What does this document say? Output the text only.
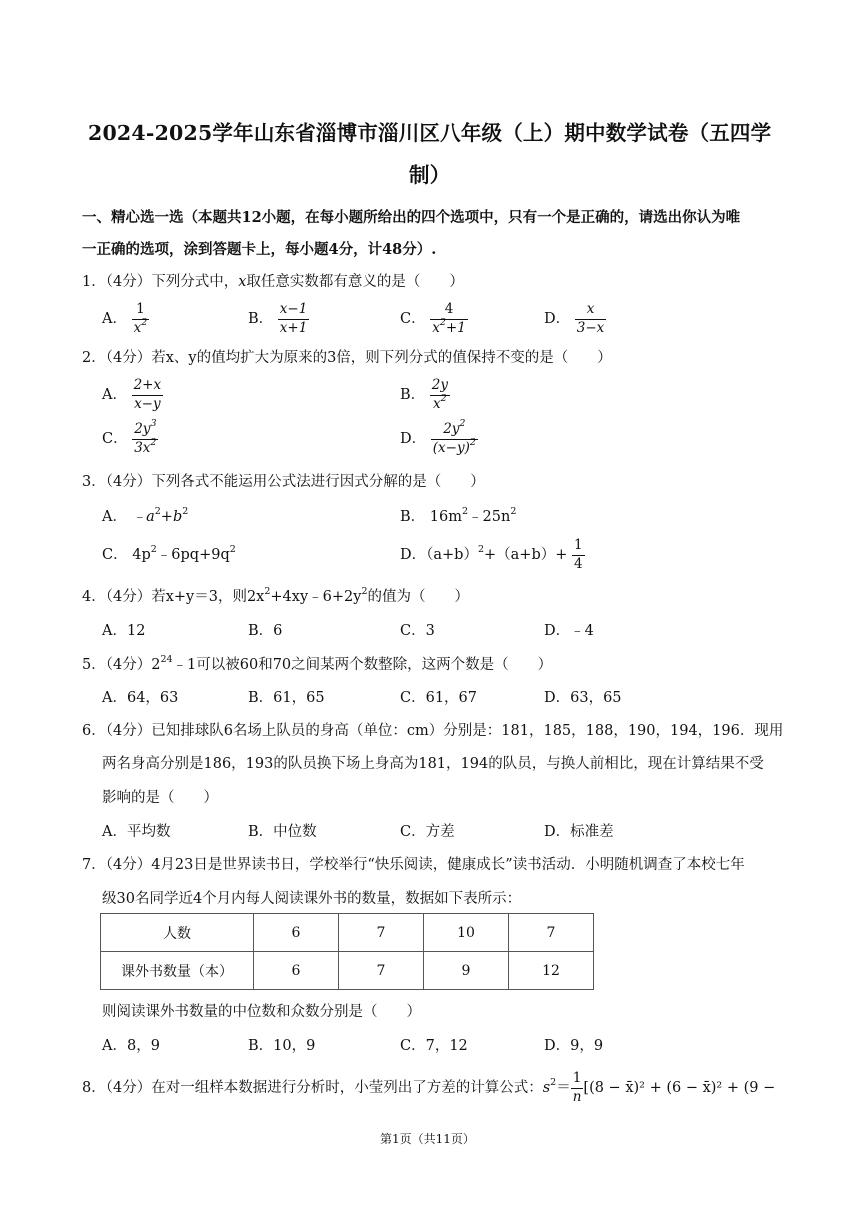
2024-2025学年山东省淄博市淄川区八年级（上）期中数学试卷（五四学
制）
一、精心选一选（本题共12小题，在每小题所给出的四个选项中，只有一个是正确的，请选出你认为唯
一正确的选项，涂到答题卡上，每小题4分，计48分）.
1．（4分）下列分式中，x取任意实数都有意义的是（　　）
A． $\frac{1}{x^2}$	B． $\frac{x-1}{x+1}$	C． $\frac{4}{x^2+1}$	D． $\frac{x}{3-x}$
2．（4分）若x、y的值均扩大为原来的3倍，则下列分式的值保持不变的是（　　）
A． $\frac{2+x}{x-y}$	B． $\frac{2y}{x^2}$
C． $\frac{2y^3}{3x^2}$	D． $\frac{2y^2}{(x-y)^2}$
3．（4分）下列各式不能运用公式法进行因式分解的是（　　）
A． $﹣a^2+b^2$	B． $16m^2﹣25n^2$
C． $4p^2﹣6pq+9q^2$	D．$(a+b)^2+(a+b)+ \frac{1}{4}$
4．（4分）若x+y＝3，则$2x^2+4xy﹣6+2y^2$的值为（　　）
A．12	B．6	C．3	D．﹣4
5．（4分）$2^{24}﹣1$可以被60和70之间某两个数整除，这两个数是（　　）
A．64，63	B．61，65	C．61，67	D．63，65
6．（4分）已知排球队6名场上队员的身高（单位：cm）分别是：181，185，188，190，194，196．现用
两名身高分别是186，193的队员换下场上身高为181，194的队员，与换人前相比，现在计算结果不受
影响的是（　　）
A．平均数	B．中位数	C．方差	D．标准差
7．（4分）4月23日是世界读书日，学校举行“快乐阅读，健康成长”读书活动．小明随机调查了本校七年
级30名同学近4个月内每人阅读课外书的数量，数据如下表所示：
人数	6	7	10	7
课外书数量（本）	6	7	9	12
则阅读课外书数量的中位数和众数分别是（　　）
A．8，9	B．10，9	C．7，12	D．9，9
8．（4分）在对一组样本数据进行分析时，小莹列出了方差的计算公式：$s^2= \frac{1}{n} [(8$ − x̄)² + (6 − x̄)² + (9 −
第1页（共11页）
